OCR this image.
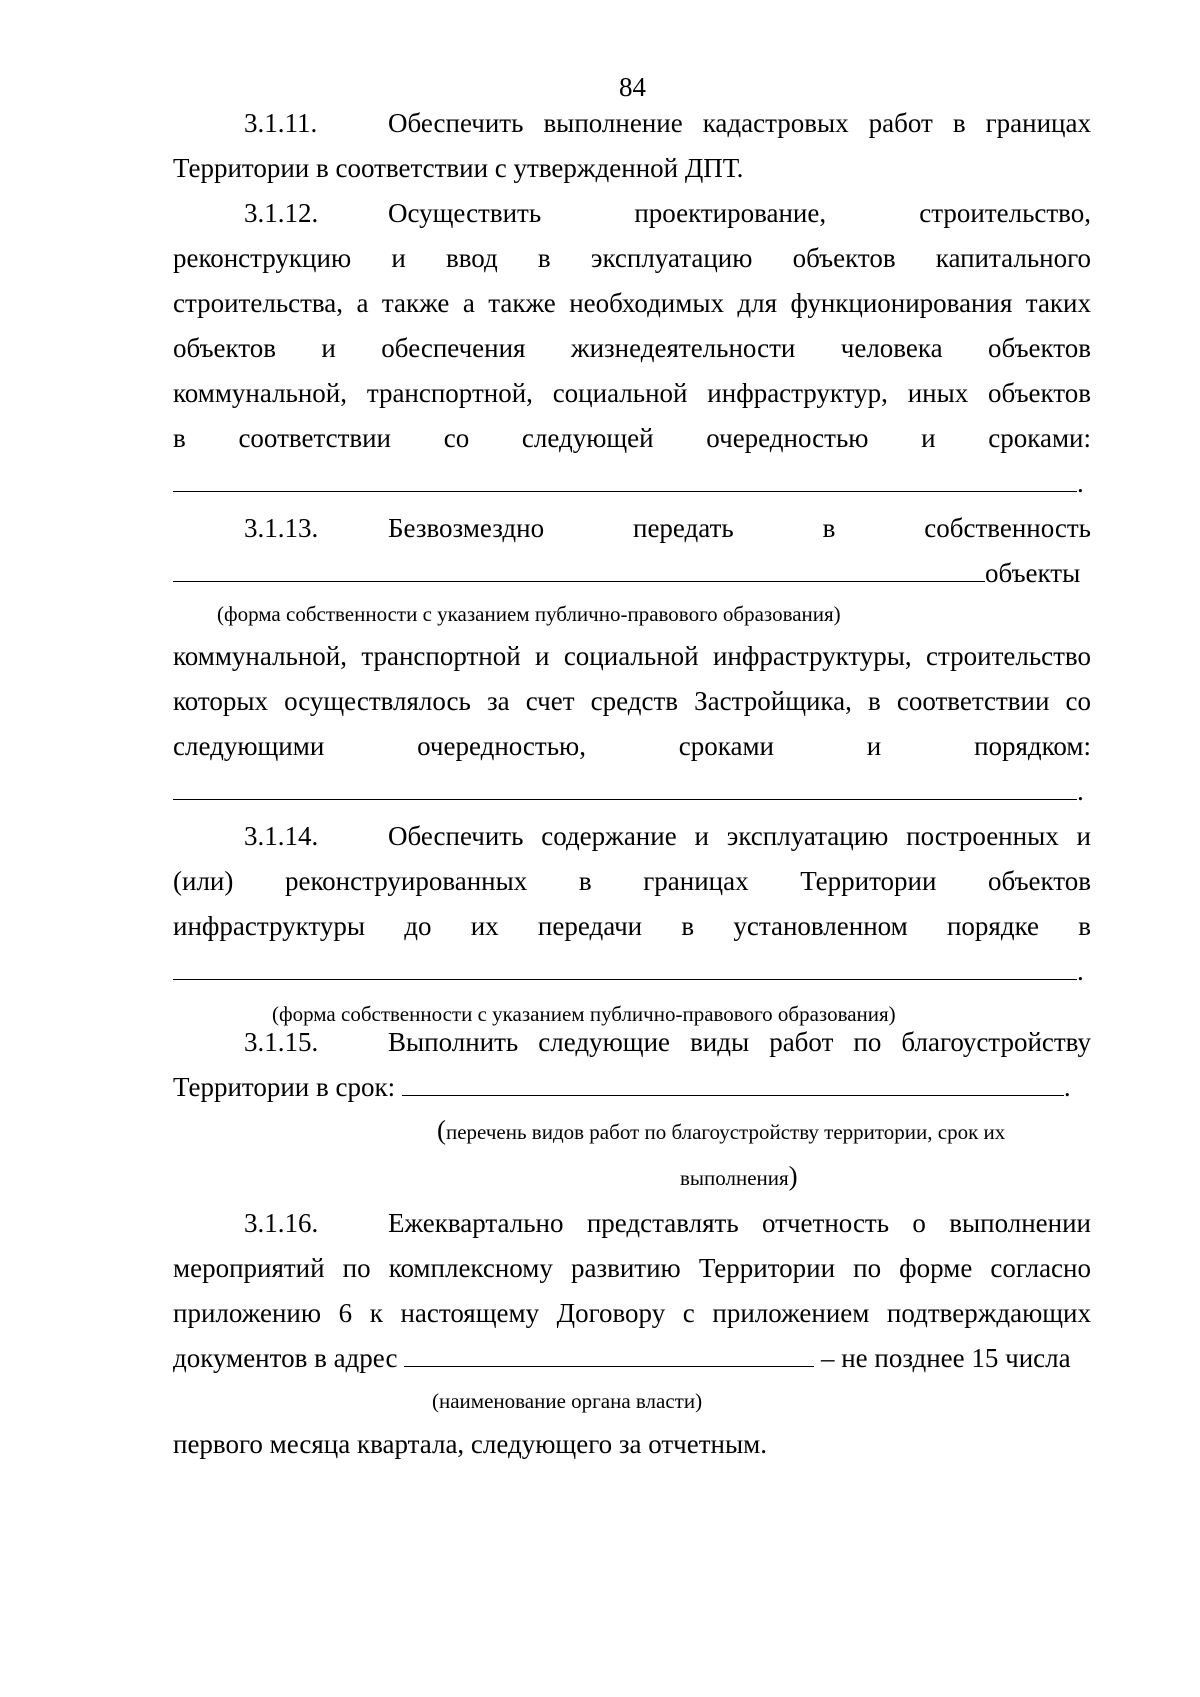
84
3.1.11.	Обеспечить выполнение кадастровых работ в границах
Территории в соответствии с утвержденной ДПТ.
3.1.12.	Осуществить проектирование, строительство,
реконструкцию и ввод в эксплуатацию объектов капитального
строительства, а также а также необходимых для функционирования таких
объектов и обеспечения жизнедеятельности человека объектов
коммунальной, транспортной, социальной инфраструктур, иных объектов
в соответствии со следующей очередностью и сроками:
.
3.1.13.	Безвозмездно передать в собственность
объекты
(форма собственности с указанием публично-правового образования)
коммунальной, транспортной и социальной инфраструктуры, строительство
которых осуществлялось за счет средств Застройщика, в соответствии со
следующими очередностью, сроками и порядком:
.
3.1.14.	Обеспечить содержание и эксплуатацию построенных и
(или) реконструированных в границах Территории объектов
инфраструктуры до их передачи в установленном порядке в
.
(форма собственности с указанием публично-правового образования)
3.1.15.	Выполнить следующие виды работ по благоустройству
Территории в срок:	.
(перечень видов работ по благоустройству территории, срок их
выполнения)
3.1.16.	Ежеквартально представлять отчетность о выполнении
мероприятий по комплексному развитию Территории по форме согласно
приложению 6 к настоящему Договору с приложением подтверждающих
документов в адрес	– не позднее 15 числа
(наименование органа власти)
первого месяца квартала, следующего за отчетным.
